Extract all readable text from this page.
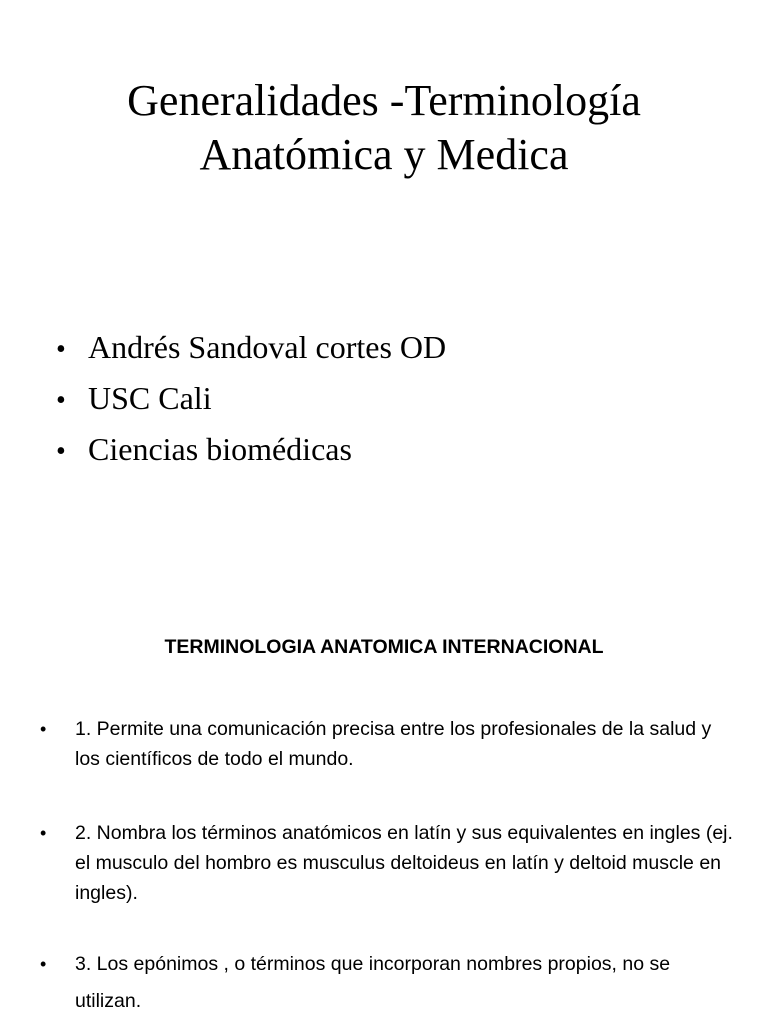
Generalidades -Terminología
Anatómica y Medica
• Andrés Sandoval cortes OD
• USC Cali
• Ciencias biomédicas
TERMINOLOGIA ANATOMICA INTERNACIONAL
•	1. Permite una comunicación precisa entre los profesionales de la salud y los científicos de todo el mundo.
•	2. Nombra los términos anatómicos en latín y sus equivalentes en ingles (ej. el musculo del hombro es musculus deltoideus en latín y deltoid muscle en ingles).
•	3. Los epónimos , o términos que incorporan nombres propios, no se utilizan.
